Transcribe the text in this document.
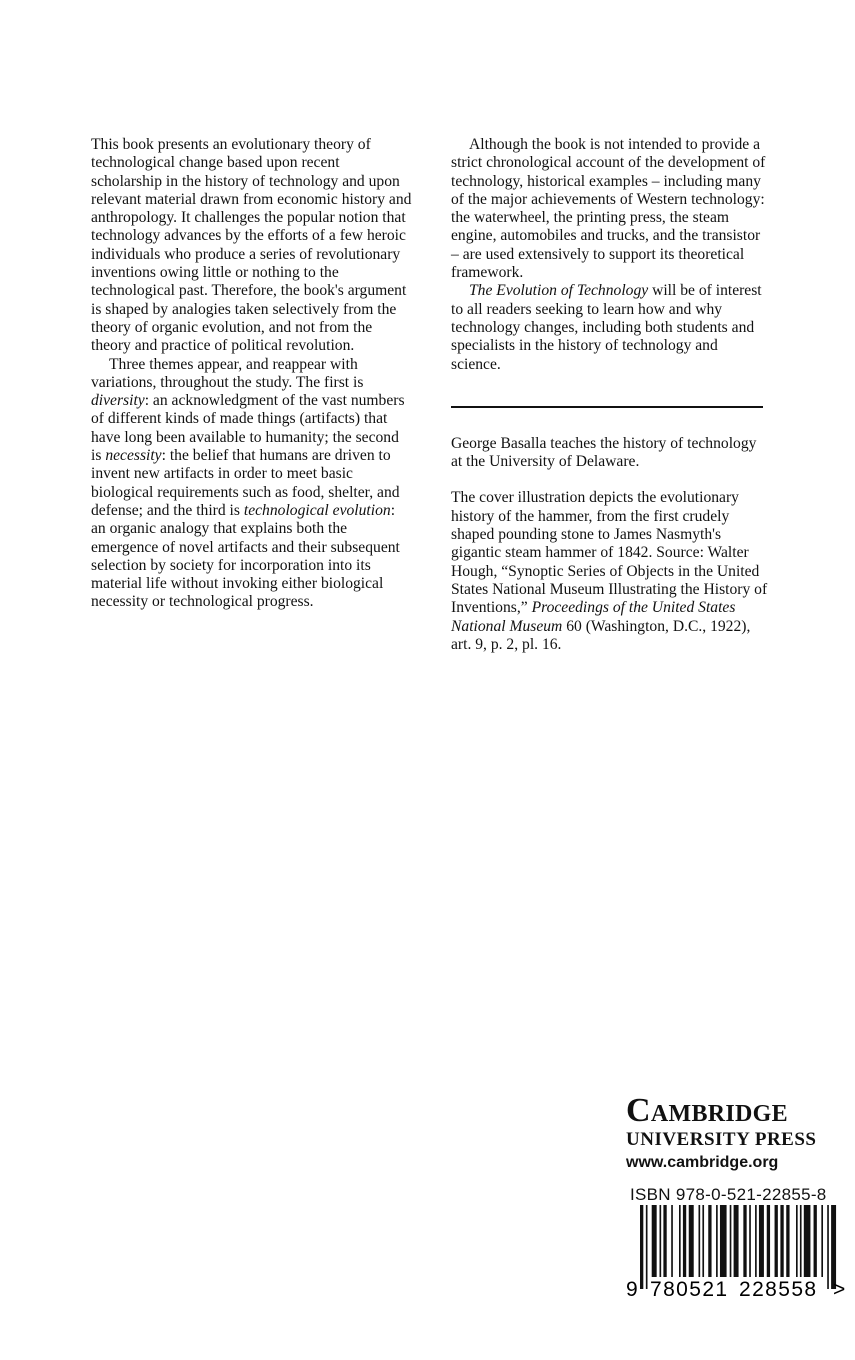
This book presents an evolutionary theory of technological change based upon recent scholarship in the history of technology and upon relevant material drawn from economic history and anthropology. It challenges the popular notion that technology advances by the efforts of a few heroic individuals who produce a series of revolutionary inventions owing little or nothing to the technological past. Therefore, the book's argument is shaped by analogies taken selectively from the theory of organic evolution, and not from the theory and practice of political revolution.

Three themes appear, and reappear with variations, throughout the study. The first is diversity: an acknowledgment of the vast numbers of different kinds of made things (artifacts) that have long been available to humanity; the second is necessity: the belief that humans are driven to invent new artifacts in order to meet basic biological requirements such as food, shelter, and defense; and the third is technological evolution: an organic analogy that explains both the emergence of novel artifacts and their subsequent selection by society for incorporation into its material life without invoking either biological necessity or technological progress.

Although the book is not intended to provide a strict chronological account of the development of technology, historical examples – including many of the major achievements of Western technology: the waterwheel, the printing press, the steam engine, automobiles and trucks, and the transistor – are used extensively to support its theoretical framework.

The Evolution of Technology will be of interest to all readers seeking to learn how and why technology changes, including both students and specialists in the history of technology and science.

George Basalla teaches the history of technology at the University of Delaware.

The cover illustration depicts the evolutionary history of the hammer, from the first crudely shaped pounding stone to James Nasmyth's gigantic steam hammer of 1842. Source: Walter Hough, “Synoptic Series of Objects in the United States National Museum Illustrating the History of Inventions,” Proceedings of the United States National Museum 60 (Washington, D.C., 1922), art. 9, p. 2, pl. 16.

Cambridge
UNIVERSITY PRESS
www.cambridge.org
ISBN 978-0-521-22855-8
9 780521 228558 >
